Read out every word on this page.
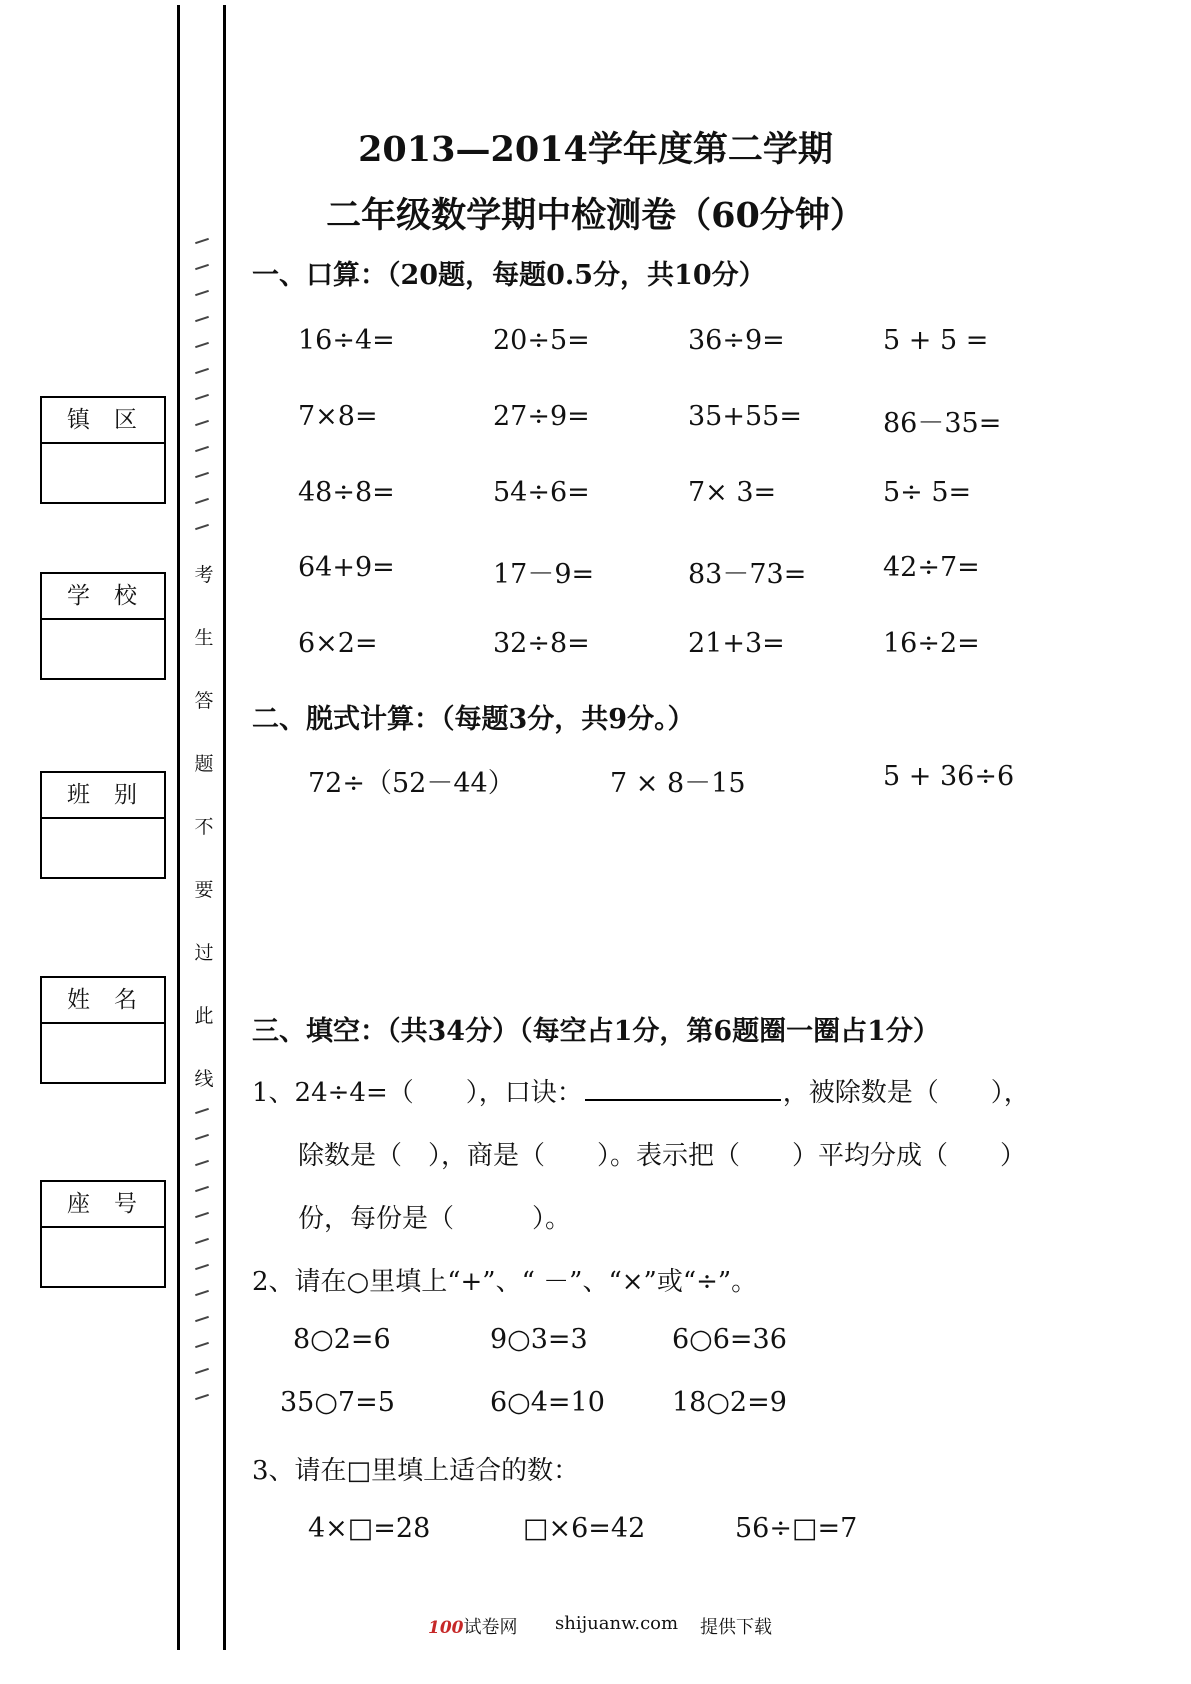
考
生
答
题
不
要
过
此
线
镇区
学校
班别
姓名
座号
2013—2014学年度第二学期
二年级数学期中检测卷（60分钟）
一、口算：（20题，每题0.5分，共10分）
16÷4=	20÷5=	36÷9=	5 + 5 =
7×8=	27÷9=	35+55=	86－35=
48÷8=	54÷6=	7× 3=	5÷ 5=
64+9=	17－9=	83－73=	42÷7=
6×2=	32÷8=	21+3=	16÷2=
二、脱式计算：（每题3分，共9分。）
72÷（52－44）	7 × 8－15	5 + 36÷6
三、填空：（共34分）（每空占1分，第6题圈一圈占1分）
1、24÷4=（　　），口诀：	，被除数是（　　），
除数是（　），商是（　　）。表示把（　　）平均分成（　　）
份，每份是（　　　）。
2、请在○里填上“+”、“ －”、“×”或“÷”。
8○2=6	9○3=3	6○6=36
35○7=5	6○4=10 18○2=9
3、请在□里填上适合的数：
4×□=28	□×6=42	56÷□=7
100试卷网 shijuanw.com 提供下载
